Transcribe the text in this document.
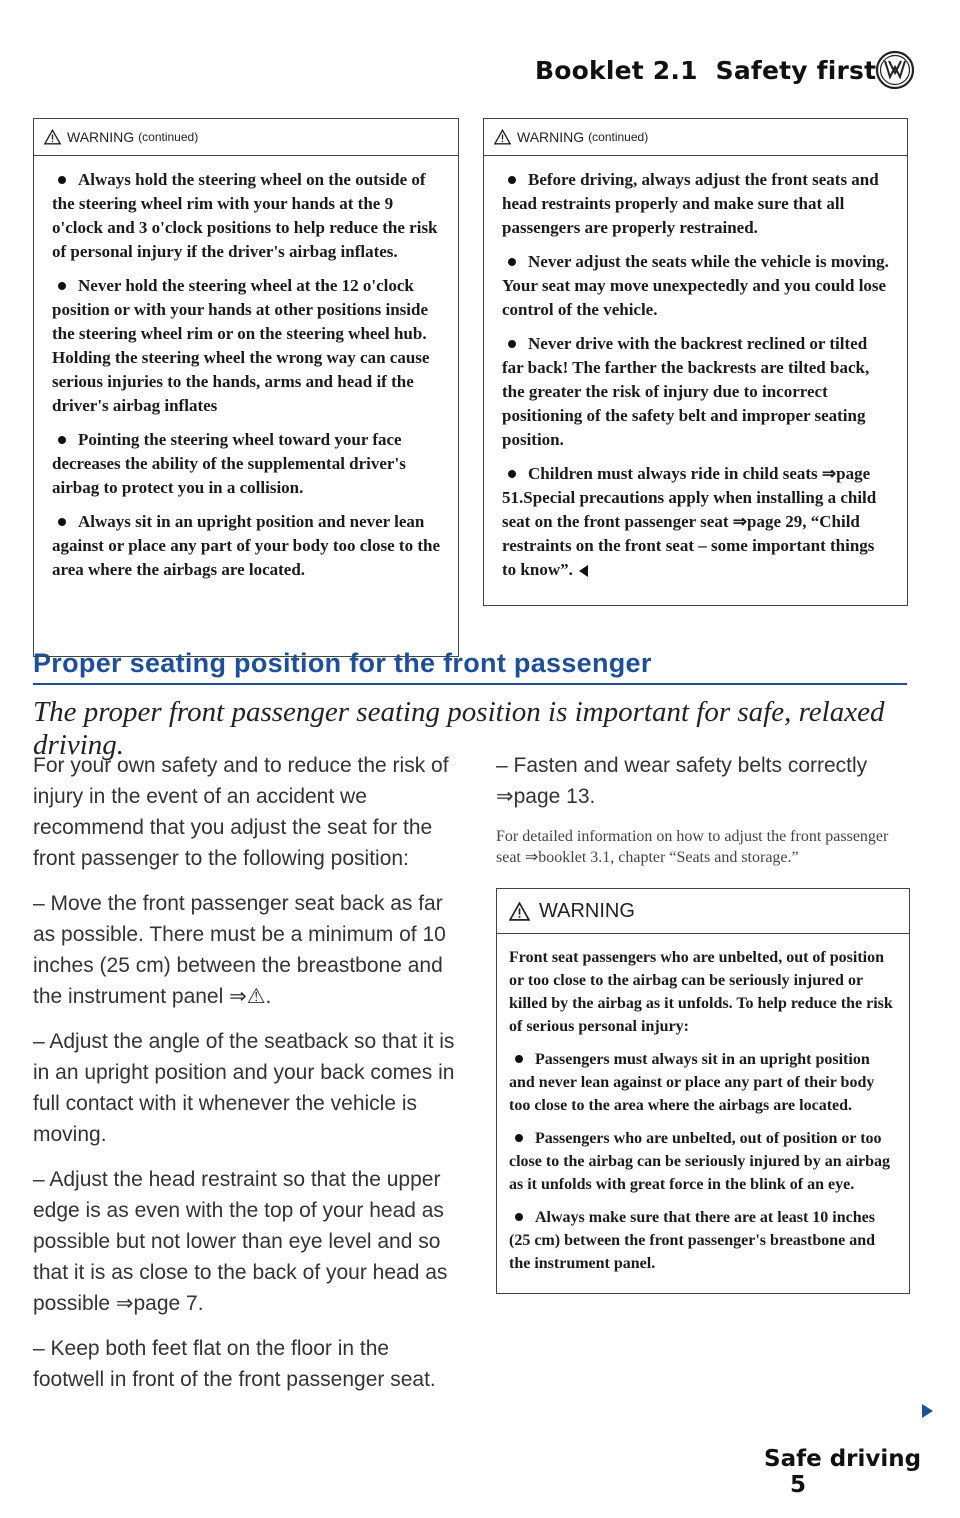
Booklet 2.1 Safety first
WARNING (continued)
Always hold the steering wheel on the outside of the steering wheel rim with your hands at the 9 o'clock and 3 o'clock positions to help reduce the risk of personal injury if the driver's airbag inflates.
Never hold the steering wheel at the 12 o'clock position or with your hands at other positions inside the steering wheel rim or on the steering wheel hub. Holding the steering wheel the wrong way can cause serious injuries to the hands, arms and head if the driver's airbag inflates
Pointing the steering wheel toward your face decreases the ability of the supplemental driver's airbag to protect you in a collision.
Always sit in an upright position and never lean against or place any part of your body too close to the area where the airbags are located.
WARNING (continued)
Before driving, always adjust the front seats and head restraints properly and make sure that all passengers are properly restrained.
Never adjust the seats while the vehicle is moving. Your seat may move unexpectedly and you could lose control of the vehicle.
Never drive with the backrest reclined or tilted far back! The farther the backrests are tilted back, the greater the risk of injury due to incorrect positioning of the safety belt and improper seating position.
Children must always ride in child seats ⇒page 51.Special precautions apply when installing a child seat on the front passenger seat ⇒page 29, “Child restraints on the front seat – some important things to know”.
Proper seating position for the front passenger
The proper front passenger seating position is important for safe, relaxed driving.

For your own safety and to reduce the risk of injury in the event of an accident we recommend that you adjust the seat for the front passenger to the following position:

– Move the front passenger seat back as far as possible. There must be a minimum of 10 inches (25 cm) between the breastbone and the instrument panel ⇒⚠.
– Adjust the angle of the seatback so that it is in an upright position and your back comes in full contact with it whenever the vehicle is moving.
– Adjust the head restraint so that the upper edge is as even with the top of your head as possible but not lower than eye level and so that it is as close to the back of your head as possible ⇒page 7.
– Keep both feet flat on the floor in the footwell in front of the front passenger seat.
– Fasten and wear safety belts correctly ⇒page 13.
For detailed information on how to adjust the front passenger seat ⇒booklet 3.1, chapter “Seats and storage.”
WARNING

Front seat passengers who are unbelted, out of position or too close to the airbag can be seriously injured or killed by the airbag as it unfolds. To help reduce the risk of serious personal injury:

Passengers must always sit in an upright position and never lean against or place any part of their body too close to the area where the airbags are located.
Passengers who are unbelted, out of position or too close to the airbag can be seriously injured by an airbag as it unfolds with great force in the blink of an eye.
Always make sure that there are at least 10 inches (25 cm) between the front passenger's breastbone and the instrument panel.
Safe driving 5
